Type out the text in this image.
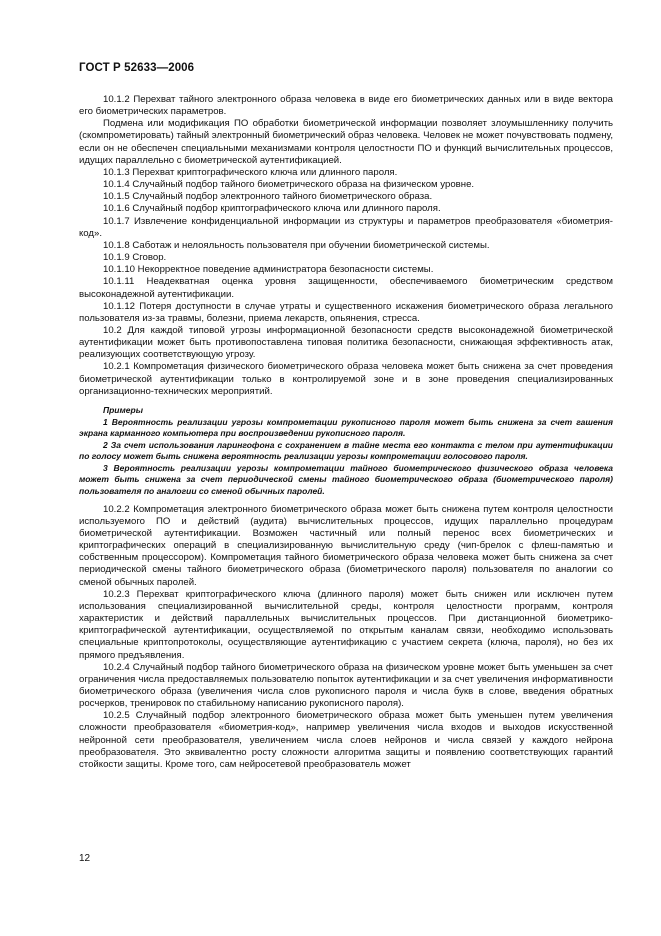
ГОСТ Р 52633—2006

10.1.2 Перехват тайного электронного образа человека в виде его биометрических данных или в виде вектора его биометрических параметров.

Подмена или модификация ПО обработки биометрической информации позволяет злоумышленнику получить (скомпрометировать) тайный электронный биометрический образ человека. Человек не может почувствовать подмену, если он не обеспечен специальными механизмами контроля целостности ПО и функций вычислительных процессов, идущих параллельно с биометрической аутентификацией.

10.1.3 Перехват криптографического ключа или длинного пароля.

10.1.4 Случайный подбор тайного биометрического образа на физическом уровне.

10.1.5 Случайный подбор электронного тайного биометрического образа.

10.1.6 Случайный подбор криптографического ключа или длинного пароля.

10.1.7 Извлечение конфиденциальной информации из структуры и параметров преобразователя «биометрия-код».

10.1.8 Саботаж и нелояльность пользователя при обучении биометрической системы.

10.1.9 Сговор.

10.1.10 Некорректное поведение администратора безопасности системы.

10.1.11 Неадекватная оценка уровня защищенности, обеспечиваемого биометрическим средством высоконадежной аутентификации.

10.1.12 Потеря доступности в случае утраты и существенного искажения биометрического образа легального пользователя из-за травмы, болезни, приема лекарств, опьянения, стресса.

10.2 Для каждой типовой угрозы информационной безопасности средств высоконадежной биометрической аутентификации может быть противопоставлена типовая политика безопасности, снижающая эффективность атак, реализующих соответствующую угрозу.

10.2.1 Компрометация физического биометрического образа человека может быть снижена за счет проведения биометрической аутентификации только в контролируемой зоне и в зоне проведения специализированных организационно-технических мероприятий.

Примеры

1 Вероятность реализации угрозы компрометации рукописного пароля может быть снижена за счет гашения экрана карманного компьютера при воспроизведении рукописного пароля.

2 За счет использования ларингофона с сохранением в тайне места его контакта с телом при аутентификации по голосу может быть снижена вероятность реализации угрозы компрометации голосового пароля.

3 Вероятность реализации угрозы компрометации тайного биометрического физического образа человека может быть снижена за счет периодической смены тайного биометрического образа (биометрического пароля) пользователя по аналогии со сменой обычных паролей.

10.2.2 Компрометация электронного биометрического образа может быть снижена путем контроля целостности используемого ПО и действий (аудита) вычислительных процессов, идущих параллельно процедурам биометрической аутентификации. Возможен частичный или полный перенос всех биометрических и криптографических операций в специализированную вычислительную среду (чип-брелок с флеш-памятью и собственным процессором). Компрометация тайного биометрического образа человека может быть снижена за счет периодической смены тайного биометрического образа (биометрического пароля) пользователя по аналогии со сменой обычных паролей.

10.2.3 Перехват криптографического ключа (длинного пароля) может быть снижен или исключен путем использования специализированной вычислительной среды, контроля целостности программ, контроля характеристик и действий параллельных вычислительных процессов. При дистанционной биометрико-криптографической аутентификации, осуществляемой по открытым каналам связи, необходимо использовать специальные криптопротоколы, осуществляющие аутентификацию с участием секрета (ключа, пароля), но без их прямого предъявления.

10.2.4 Случайный подбор тайного биометрического образа на физическом уровне может быть уменьшен за счет ограничения числа предоставляемых пользователю попыток аутентификации и за счет увеличения информативности биометрического образа (увеличения числа слов рукописного пароля и числа букв в слове, введения обратных росчерков, тренировок по стабильному написанию рукописного пароля).

10.2.5 Случайный подбор электронного биометрического образа может быть уменьшен путем увеличения сложности преобразователя «биометрия-код», например увеличения числа входов и выходов искусственной нейронной сети преобразователя, увеличением числа слоев нейронов и числа связей у каждого нейрона преобразователя. Это эквивалентно росту сложности алгоритма защиты и появлению соответствующих гарантий стойкости защиты. Кроме того, сам нейросетевой преобразователь может

12
